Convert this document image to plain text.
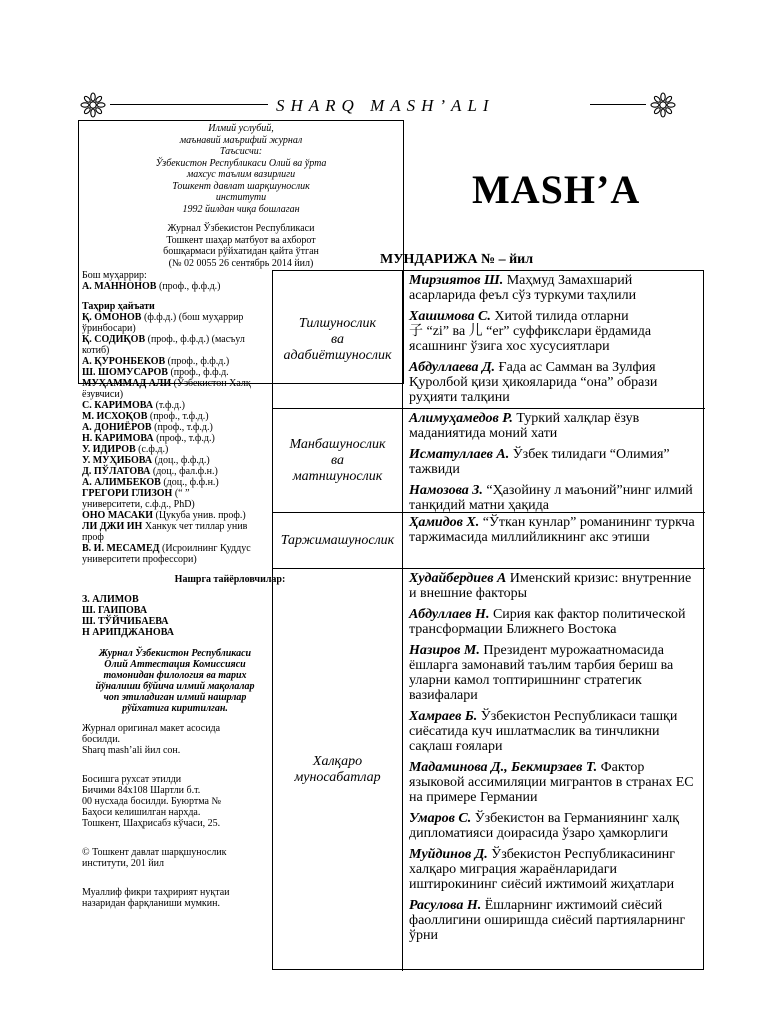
SHARQ MASH’ALI
Илмий услубий,
маънавий маърифий журнал
Таъсисчи:
Ўзбекистон Республикаси Олий ва ўрта
махсус таълим вазирлиги
Тошкент давлат шарқшунослик
институти
1992 йилдан чиқа бошлаган
Журнал Ўзбекистон Республикаси
Тошкент шаҳар матбуот ва ахборот
бошқармаси рўйхатидан қайта ўтган
(№ 02 0055 26 сентябрь 2014 йил)

Бош муҳаррир:

А. МАННОНОВ (проф., ф.ф.д.)

Таҳрир ҳайъати

Қ. ОМОНОВ (ф.ф.д.) (бош муҳаррир ўринбосари)

Қ. СОДИҚОВ (проф., ф.ф.д.) (масъул котиб)

А. ҚУРОНБЕКОВ (проф., ф.ф.д.)

Ш. ШОМУСАРОВ (проф., ф.ф.д.

МУҲАММАД АЛИ (Ўзбекистон Халқ ёзувчиси)

С. КАРИМОВА (т.ф.д.)

М. ИСХОҚОВ (проф., т.ф.д.)

А. ДОНИЁРОВ (проф., т.ф.д.)

Н. КАРИМОВА (проф., т.ф.д.)

У. ИДИРОВ (с.ф.д.)

У. МУҲИБОВА (доц., ф.ф.д.)

Д. ПЎЛАТОВА (доц., фал.ф.н.)

А. АЛИМБЕКОВ (доц., ф.ф.н.)

ГРЕГОРИ ГЛИЗОН (“ ” университети, с.ф.д., PhD)

ОНО МАСАКИ (Цукуба унив. проф.)

ЛИ ДЖИ ИН Ханкук чет тиллар унив проф

В. И. МЕСАМЕД (Исроилнинг Қуддус университети профессори)

Нашрга тайёрловчилар:

З. АЛИМОВ

Ш. ГАИПОВА

Ш. ТЎЙЧИБАЕВА

Н АРИПДЖАНОВА

Журнал Ўзбекистон Республикаси Олий Аттестация Комиссияси томонидан филология ва тарих йўналиши бўйича илмий мақолалар чоп этиладиган илмий нашрлар рўйхатига киритилган.

Журнал оригинал макет асосида

босилди.

Sharq mash’ali йил сон.

Босишга рухсат этилди

Бичими 84x108 Шартли б.т.

00 нусхада босилди. Буюртма №

Баҳоси келишилган нархда.

Тошкент, Шаҳрисабз кўчаси, 25.

© Тошкент давлат шарқшунослик

институти, 201 йил

Муаллиф фикри таҳририят нуқтаи

назаридан фарқланиши мумкин.

MASH’A
МУНДАРИЖА № – йил
Тилшунослик
ва
адабиётшунослик
Мирзиятов Ш. Маҳмуд Замахшарий асарларида феъл сўз туркуми таҳлили
Хашимова С. Хитой тилида отларни
子 “zi” ва 儿 “er” суффикслари ёрдамида ясашнинг ўзига хос хусусиятлари
Абдуллаева Д. Ғада ас Самман ва Зулфия Қуролбой қизи ҳикояларида “она” образи руҳияти талқини
Манбашунослик
ва
матншунослик
Алимуҳамедов Р. Туркий халқлар ёзув маданиятида моний хати
Исматуллаев А. Ўзбек тилидаги “Олимия” тажвиди
Намозова З. “Ҳазойину л маъоний”нинг илмий танқидий матни ҳақида
Таржимашунослик
Ҳамидов Х. “Ўткан кунлар” романининг туркча таржимасида миллийликнинг акс этиши
Халқаро
муносабатлар
Худайбердиев А Именский кризис: внутренние и внешние факторы
Абдуллаев Н. Сирия как фактор политической трансформации Ближнего Востока
Назиров М. Президент мурожаатномасида ёшларга замонавий таълим тарбия бериш ва уларни камол топтиришнинг стратегик вазифалари
Хамраев Б. Ўзбекистон Республикаси ташқи сиёсатида куч ишлатмаслик ва тинчликни сақлаш ғоялари
Мадаминова Д., Бекмирзаев Т. Фактор языковой ассимиляции мигрантов в странах ЕС на примере Германии
Умаров С. Ўзбекистон ва Германиянинг халқ дипломатияси доирасида ўзаро ҳамкорлиги
Муйдинов Д. Ўзбекистон Республикасининг халқаро миграция жараёнларидаги иштирокининг сиёсий ижтимоий жиҳатлари
Расулова Н. Ёшларнинг ижтимоий сиёсий фаоллигини оширишда сиёсий партияларнинг ўрни
